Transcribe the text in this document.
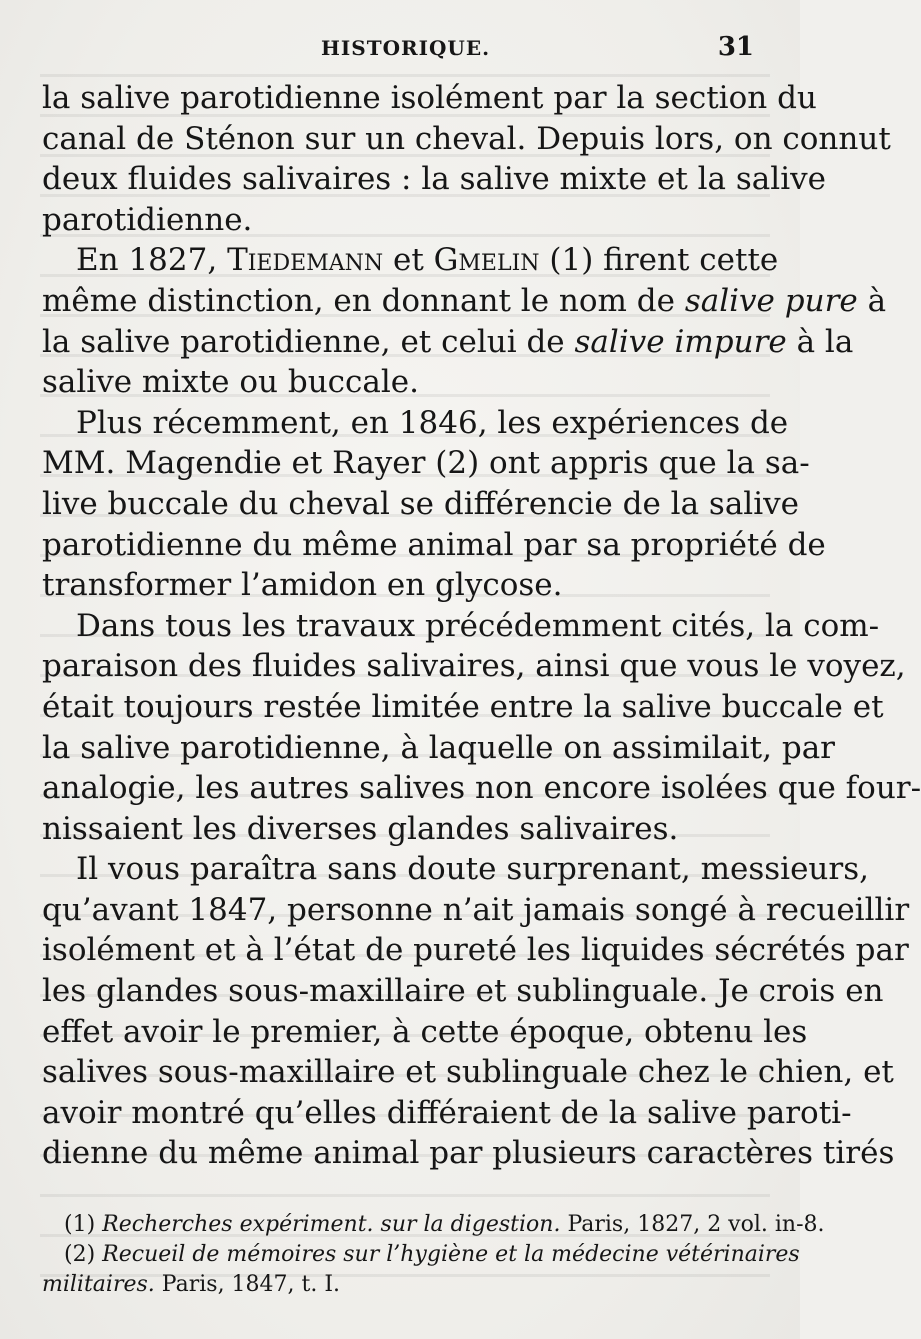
HISTORIQUE.	31
la salive parotidienne isolément par la section du
canal de Sténon sur un cheval. Depuis lors, on connut
deux fluides salivaires : la salive mixte et la salive
parotidienne.
En 1827, Tiedemann et Gmelin (1) firent cette
même distinction, en donnant le nom de salive pure à
la salive parotidienne, et celui de salive impure à la
salive mixte ou buccale.
Plus récemment, en 1846, les expériences de
MM. Magendie et Rayer (2) ont appris que la sa-
live buccale du cheval se différencie de la salive
parotidienne du même animal par sa propriété de
transformer l’amidon en glycose.
Dans tous les travaux précédemment cités, la com-
paraison des fluides salivaires, ainsi que vous le voyez,
était toujours restée limitée entre la salive buccale et
la salive parotidienne, à laquelle on assimilait, par
analogie, les autres salives non encore isolées que four-
nissaient les diverses glandes salivaires.
Il vous paraîtra sans doute surprenant, messieurs,
qu’avant 1847, personne n’ait jamais songé à recueillir
isolément et à l’état de pureté les liquides sécrétés par
les glandes sous-maxillaire et sublinguale. Je crois en
effet avoir le premier, à cette époque, obtenu les
salives sous-maxillaire et sublinguale chez le chien, et
avoir montré qu’elles différaient de la salive paroti-
dienne du même animal par plusieurs caractères tirés
(1) Recherches expériment. sur la digestion. Paris, 1827, 2 vol. in-8.
(2) Recueil de mémoires sur l’hygiène et la médecine vétérinaires
militaires. Paris, 1847, t. I.
